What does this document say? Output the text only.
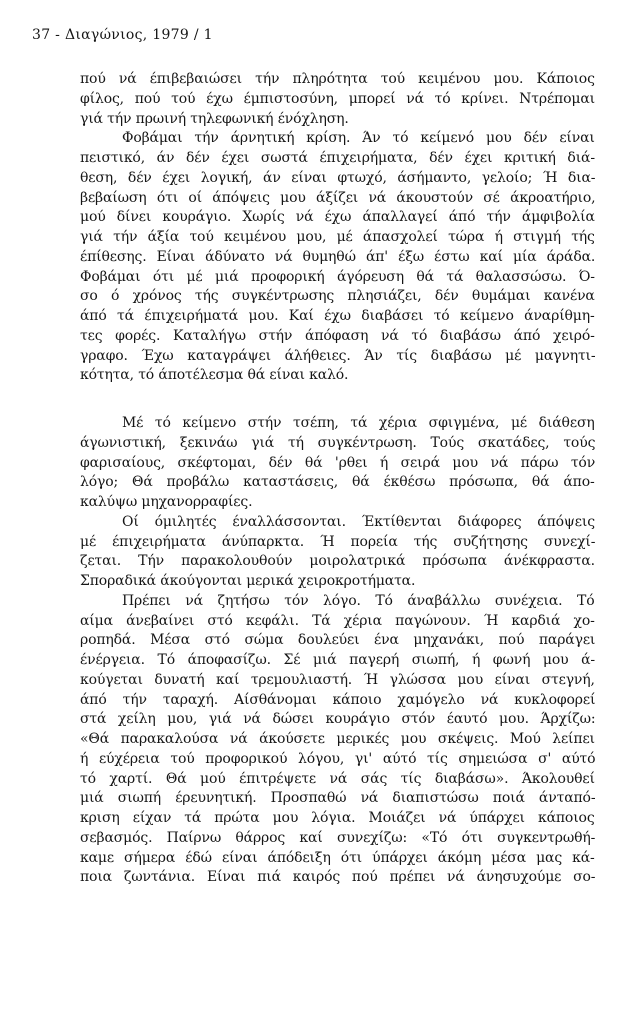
37 - Διαγώνιος, 1979 / 1
πού νά έπιβεβαιώσει τήν πληρότητα τού κειμένου μου. Κάποιος
φίλος, πού τού έχω έμπιστοσύνη, μπορεί νά τό κρίνει. Ντρέπομαι
γιά τήν πρωινή τηλεφωνική ένόχληση.
Φοβάμαι τήν άρνητική κρίση. Άν τό κείμενό μου δέν είναι
πειστικό, άν δέν έχει σωστά έπιχειρήματα, δέν έχει κριτική διά-
θεση, δέν έχει λογική, άν είναι φτωχό, άσήμαντο, γελοίο; Ή δια-
βεβαίωση ότι οί άπόψεις μου άξίζει νά άκουστούν σέ άκροατήριο,
μού δίνει κουράγιο. Χωρίς νά έχω άπαλλαγεί άπό τήν άμφιβολία
γιά τήν άξία τού κειμένου μου, μέ άπασχολεί τώρα ή στιγμή τής
έπίθεσης. Είναι άδύνατο νά θυμηθώ άπ' έξω έστω καί μία άράδα.
Φοβάμαι ότι μέ μιά προφορική άγόρευση θά τά θαλασσώσω. Ό-
σο ό χρόνος τής συγκέντρωσης πλησιάζει, δέν θυμάμαι κανένα
άπό τά έπιχειρήματά μου. Καί έχω διαβάσει τό κείμενο άναρίθμη-
τες φορές. Καταλήγω στήν άπόφαση νά τό διαβάσω άπό χειρό-
γραφο. Έχω καταγράψει άλήθειες. Άν τίς διαβάσω μέ μαγνητι-
κότητα, τό άποτέλεσμα θά είναι καλό.
Μέ τό κείμενο στήν τσέπη, τά χέρια σφιγμένα, μέ διάθεση
άγωνιστική, ξεκινάω γιά τή συγκέντρωση. Τούς σκατάδες, τούς
φαρισαίους, σκέφτομαι, δέν θά 'ρθει ή σειρά μου νά πάρω τόν
λόγο; Θά προβάλω καταστάσεις, θά έκθέσω πρόσωπα, θά άπο-
καλύψω μηχανορραφίες.
Οί όμιλητές έναλλάσσονται. Έκτίθενται διάφορες άπόψεις
μέ έπιχειρήματα άνύπαρκτα. Ή πορεία τής συζήτησης συνεχί-
ζεται. Τήν παρακολουθούν μοιρολατρικά πρόσωπα άνέκφραστα.
Σποραδικά άκούγονται μερικά χειροκροτήματα.
Πρέπει νά ζητήσω τόν λόγο. Τό άναβάλλω συνέχεια. Τό
αίμα άνεβαίνει στό κεφάλι. Τά χέρια παγώνουν. Ή καρδιά χο-
ροπηδά. Μέσα στό σώμα δουλεύει ένα μηχανάκι, πού παράγει
ένέργεια. Τό άποφασίζω. Σέ μιά παγερή σιωπή, ή φωνή μου ά-
κούγεται δυνατή καί τρεμουλιαστή. Ή γλώσσα μου είναι στεγνή,
άπό τήν ταραχή. Αίσθάνομαι κάποιο χαμόγελο νά κυκλοφορεί
στά χείλη μου, γιά νά δώσει κουράγιο στόν έαυτό μου. Άρχίζω:
«Θά παρακαλούσα νά άκούσετε μερικές μου σκέψεις. Μού λείπει
ή εύχέρεια τού προφορικού λόγου, γι' αύτό τίς σημειώσα σ' αύτό
τό χαρτί. Θά μού έπιτρέψετε νά σάς τίς διαβάσω». Άκολουθεί
μιά σιωπή έρευνητική. Προσπαθώ νά διαπιστώσω ποιά άνταπό-
κριση είχαν τά πρώτα μου λόγια. Μοιάζει νά ύπάρχει κάποιος
σεβασμός. Παίρνω θάρρος καί συνεχίζω: «Τό ότι συγκεντρωθή-
καμε σήμερα έδώ είναι άπόδειξη ότι ύπάρχει άκόμη μέσα μας κά-
ποια ζωντάνια. Είναι πιά καιρός πού πρέπει νά άνησυχούμε σο-
